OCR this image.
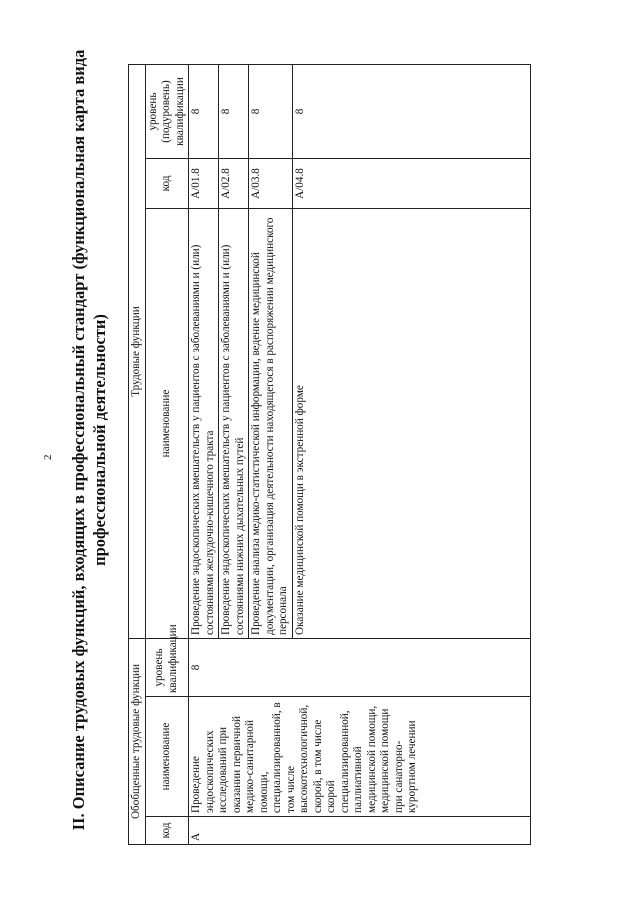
2 II. Описание трудовых функций, входящих в профессиональный стандарт (функциональная карта вида профессиональной деятельности)
Обобщенные трудовые функции			Трудовые функции		
код	наименование	уровень квалификации	наименование	код	уровень (подуровень) квалификации
A	Проведение эндоскопических исследований при оказании первичной медико-санитарной помощи, специализированной, в том числе высокотехнологичной, скорой, в том числе скорой специализированной, паллиативной медицинской помощи, медицинской помощи при санаторно-курортном лечении	8	Проведение эндоскопических вмешательств у пациентов с заболеваниями и (или) состояниями желудочно-кишечного тракта	A/01.8	8
			Проведение эндоскопических вмешательств у пациентов с заболеваниями и (или) состояниями нижних дыхательных путей	A/02.8	8
			Проведение анализа медико-статистической информации, ведение медицинской документации, организация деятельности находящегося в распоряжении медицинского персонала	A/03.8	8
			Оказание медицинской помощи в экстренной форме	A/04.8	8
